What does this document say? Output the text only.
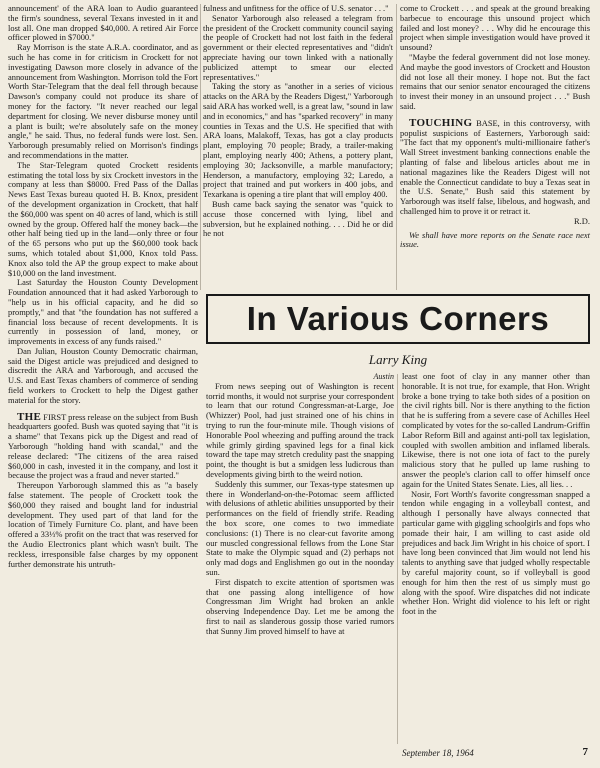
announcement' of the ARA loan to Audio guaranteed the firm's soundness, several Texans invested in it and lost all. One man dropped $40,000. A retired Air Force officer plowed in $7000."

Ray Morrison is the state A.R.A. coordinator, and as such he has come in for criticism in Crockett for not investigating Dawson more closely in advance of the announcement from Washington. Morrison told the Fort Worth Star-Telegram that the deal fell through because Dawson's company could not produce its share of money for the factory. "It never reached our legal department for closing. We never disburse money until a plant is built; we're absolutely safe on the money angle," he said. Thus, no federal funds were lost. Sen. Yarborough presumably relied on Morrison's findings and recommendations in the matter.

The Star-Telegram quoted Crockett residents estimating the total loss by six Crockett investors in the company at less than $8000. Fred Pass of the Dallas News East Texas bureau quoted H. B. Knox, president of the development organization in Crockett, that half the $60,000 was spent on 40 acres of land, which is still owned by the group. Offered half the money back—the other half being tied up in the land—only three or four of the 65 persons who put up the $60,000 took back sums, which totaled about $1,000, Knox told Pass. Knox also told the AP the group expect to make about $10,000 on the land investment.

Last Saturday the Houston County Development Foundation announced that it had asked Yarborough to "help us in his official capacity, and he did so promptly," and that "the foundation has not suffered a financial loss because of recent developments. It is currently in possession of land, money, or improvements in excess of any funds raised."

Dan Julian, Houston County Democratic chairman, said the Digest article was prejudiced and designed to discredit the ARA and Yarborough, and accused the U.S. and East Texas chambers of commerce of sending field workers to Crockett to help the Digest gather material for the story.

THE FIRST press release on the subject from Bush headquarters goofed. Bush was quoted saying that "it is a shame" that Texans pick up the Digest and read of Yarborough "holding hand with scandal," and the release declared: "The citizens of the area raised $60,000 in cash, invested it in the company, and lost it because the project was a fraud and never started."

Thereupon Yarborough slammed this as "a basely false statement. The people of Crockett took the $60,000 they raised and bought land for industrial development. They used part of that land for the location of Timely Furniture Co. plant, and have been offered a 33⅓% profit on the tract that was reserved for the Audio Electronics plant which wasn't built. The reckless, irresponsible false charges by my opponent further demonstrate his untruth-

fulness and unfitness for the office of U.S. senator . . ."

Senator Yarborough also released a telegram from the president of the Crockett community council saying the people of Crockett had not lost faith in the federal government or their elected representatives and "didn't appreciate having our town linked with a nationally publicized attempt to smear our elected representatives."

Taking the story as "another in a series of vicious attacks on the ARA by the Readers Digest," Yarborough said ARA has worked well, is a great law, "sound in law and in economics," and has "sparked recovery" in many counties in Texas and the U.S. He specified that with ARA loans, Malakoff, Texas, has got a clay products plant, employing 70 people; Brady, a trailer-making plant, employing nearly 400; Athens, a pottery plant, employing 30; Jacksonville, a marble manufactory; Henderson, a manufactory, employing 32; Laredo, a project that trained and put workers in 400 jobs, and Texarkana is opening a tire plant that will employ 400.

Bush came back saying the senator was "quick to accuse those concerned with lying, libel and subversion, but he explained nothing. . . . Did he or did he not

come to Crockett . . . and speak at the ground breaking barbecue to encourage this unsound project which failed and lost money? . . . Why did he encourage this project when simple investigation would have proved it unsound?

"Maybe the federal government did not lose money. And maybe the good investors of Crockett and Houston did not lose all their money. I hope not. But the fact remains that our senior senator encouraged the citizens to invest their money in an unsound project . . ." Bush said.

TOUCHING BASE, in this controversy, with populist suspicions of Easterners, Yarborough said: "The fact that my opponent's multi-millionaire father's Wall Street investment banking connections enable the planting of false and libelous articles about me in national magazines like the Readers Digest will not enable the Connecticut candidate to buy a Texas seat in the U.S. Senate," Bush said this statement by Yarborough was itself false, libelous, and hogwash, and challenged him to prove it or retract it.

R.D.

We shall have more reports on the Senate race next issue.

In Various Corners
Larry King

Austin

From news seeping out of Washington is recent torrid months, it would not surprise your correspondent to learn that our rotund Congressman-at-Large, Joe (Whizzer) Pool, had just strained one of his chins in trying to run the four-minute mile. Though visions of Honorable Pool wheezing and puffing around the track while grimly girding spavined legs for a final kick toward the tape may stretch credulity past the snapping point, the thought is but a smidgen less ludicrous than developments giving birth to the weird notion.

Suddenly this summer, our Texas-type statesmen up there in Wonderland-on-the-Potomac seem afflicted with delusions of athletic abilities unsupported by their performances on the field of friendly strife. Reading the box score, one comes to two immediate conclusions: (1) There is no clear-cut favorite among our muscled congressional fellows from the Lone Star State to make the Olympic squad and (2) perhaps not only mad dogs and Englishmen go out in the noonday sun.

First dispatch to excite attention of sportsmen was that one passing along intelligence of how Congressman Jim Wright had broken an ankle observing Independence Day. Let me be among the first to nail as slanderous gossip those varied rumors that Sunny Jim proved himself to have at

least one foot of clay in any manner other than honorable. It is not true, for example, that Hon. Wright broke a bone trying to take both sides of a position on the civil rights bill. Nor is there anything to the fiction that he is suffering from a severe case of Achilles Heel complicated by votes for the so-called Landrum-Griffin Labor Reform Bill and against anti-poll tax legislation, coupled with swollen ambition and inflamed liberals. Likewise, there is not one iota of fact to the purely malicious story that he pulled up lame rushing to answer the people's clarion call to offer himself once again for the United States Senate. Lies, all lies. . .

Nosir, Fort Worth's favorite congressman snapped a tendon while engaging in a volleyball contest, and although I personally have always connected that particular game with giggling schoolgirls and fops who pomade their hair, I am willing to cast aside old prejudices and back Jim Wright in his choice of sport. I have long been convinced that Jim would not lend his talents to anything save that judged wholly respectable by careful majority count, so if volleyball is good enough for him then the rest of us simply must go along with the spoof. Wire dispatches did not indicate whether Hon. Wright did violence to his left or right foot in the

September 18, 1964	7
